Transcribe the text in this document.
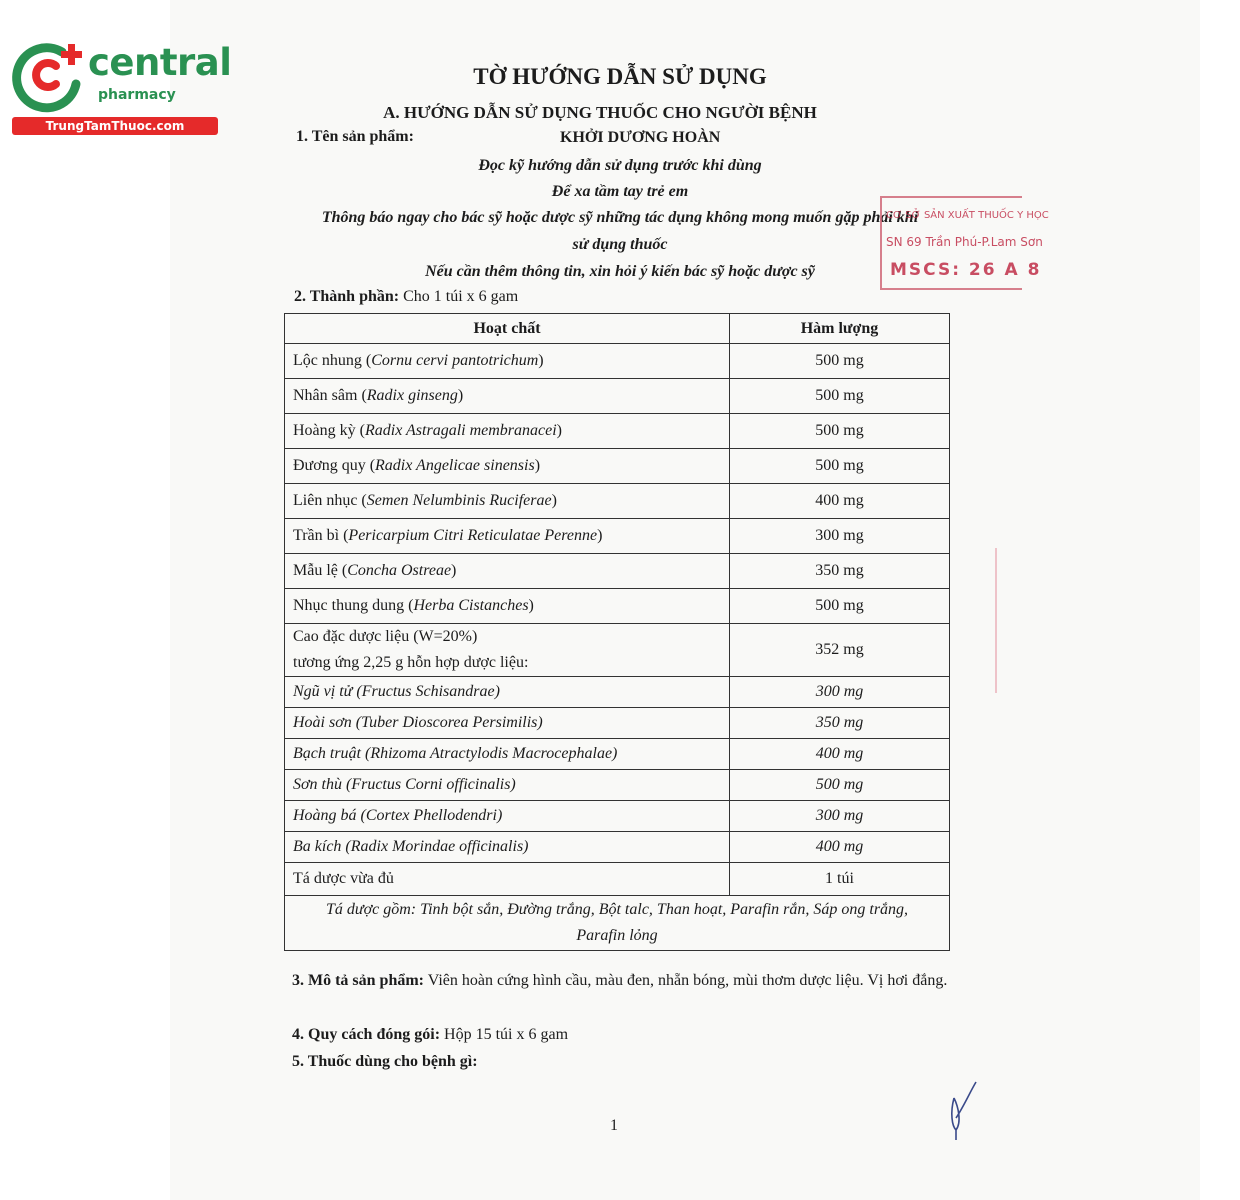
central
pharmacy
TrungTamThuoc.com
TỜ HƯỚNG DẪN SỬ DỤNG
A. HƯỚNG DẪN SỬ DỤNG THUỐC CHO NGƯỜI BỆNH
1. Tên sản phẩm:	KHỞI DƯƠNG HOÀN
Đọc kỹ hướng dẫn sử dụng trước khi dùng
Để xa tầm tay trẻ em
Thông báo ngay cho bác sỹ hoặc dược sỹ những tác dụng không mong muốn gặp phải khi
sử dụng thuốc
Nếu cần thêm thông tin, xin hỏi ý kiến bác sỹ hoặc dược sỹ
CƠ SỞ SẢN XUẤT THUỐC Y HỌC
SN 69 Trần Phú-P.Lam Sơn
MSCS: 26 A 8
2. Thành phần: Cho 1 túi x 6 gam
Hoạt chất	Hàm lượng
Lộc nhung (Cornu cervi pantotrichum)	500 mg
Nhân sâm (Radix ginseng)	500 mg
Hoàng kỳ (Radix Astragali membranacei)	500 mg
Đương quy (Radix Angelicae sinensis)	500 mg
Liên nhục (Semen Nelumbinis Ruciferae)	400 mg
Trần bì (Pericarpium Citri Reticulatae Perenne)	300 mg
Mẫu lệ (Concha Ostreae)	350 mg
Nhục thung dung (Herba Cistanches)	500 mg

Cao đặc dược liệu (W=20%)
tương ứng 2,25 g hỗn hợp dược liệu:	352 mg
Ngũ vị tử (Fructus Schisandrae)	300 mg
Hoài sơn (Tuber Dioscorea Persimilis)	350 mg
Bạch truật (Rhizoma Atractylodis Macrocephalae)	400 mg
Sơn thù (Fructus Corni officinalis)	500 mg
Hoàng bá (Cortex Phellodendri)	300 mg
Ba kích (Radix Morindae officinalis)	400 mg
Tá dược vừa đủ	1 túi

Tá dược gồm: Tinh bột sắn, Đường trắng, Bột talc, Than hoạt, Parafin rắn, Sáp ong trắng,
Parafin lỏng	
3. Mô tả sản phẩm: Viên hoàn cứng hình cầu, màu đen, nhẵn bóng, mùi thơm dược liệu. Vị hơi đắng.
4. Quy cách đóng gói: Hộp 15 túi x 6 gam
5. Thuốc dùng cho bệnh gì:
1
